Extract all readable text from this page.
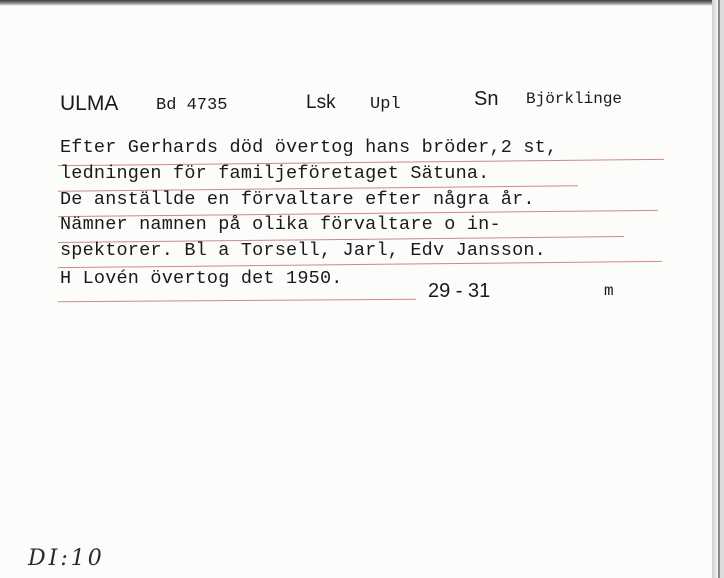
ULMA Bd 4735	Lsk Upl	Sn Björklinge
Efter Gerhards död övertog hans bröder,2 st,
ledningen för familjeföretaget Sätuna.
De anställde en förvaltare efter några år.
Nämner namnen på olika förvaltare o in-
spektorer. Bl a Torsell, Jarl, Edv Jansson.
H Lovén övertog det 1950.
29 - 31	m
DI:10
